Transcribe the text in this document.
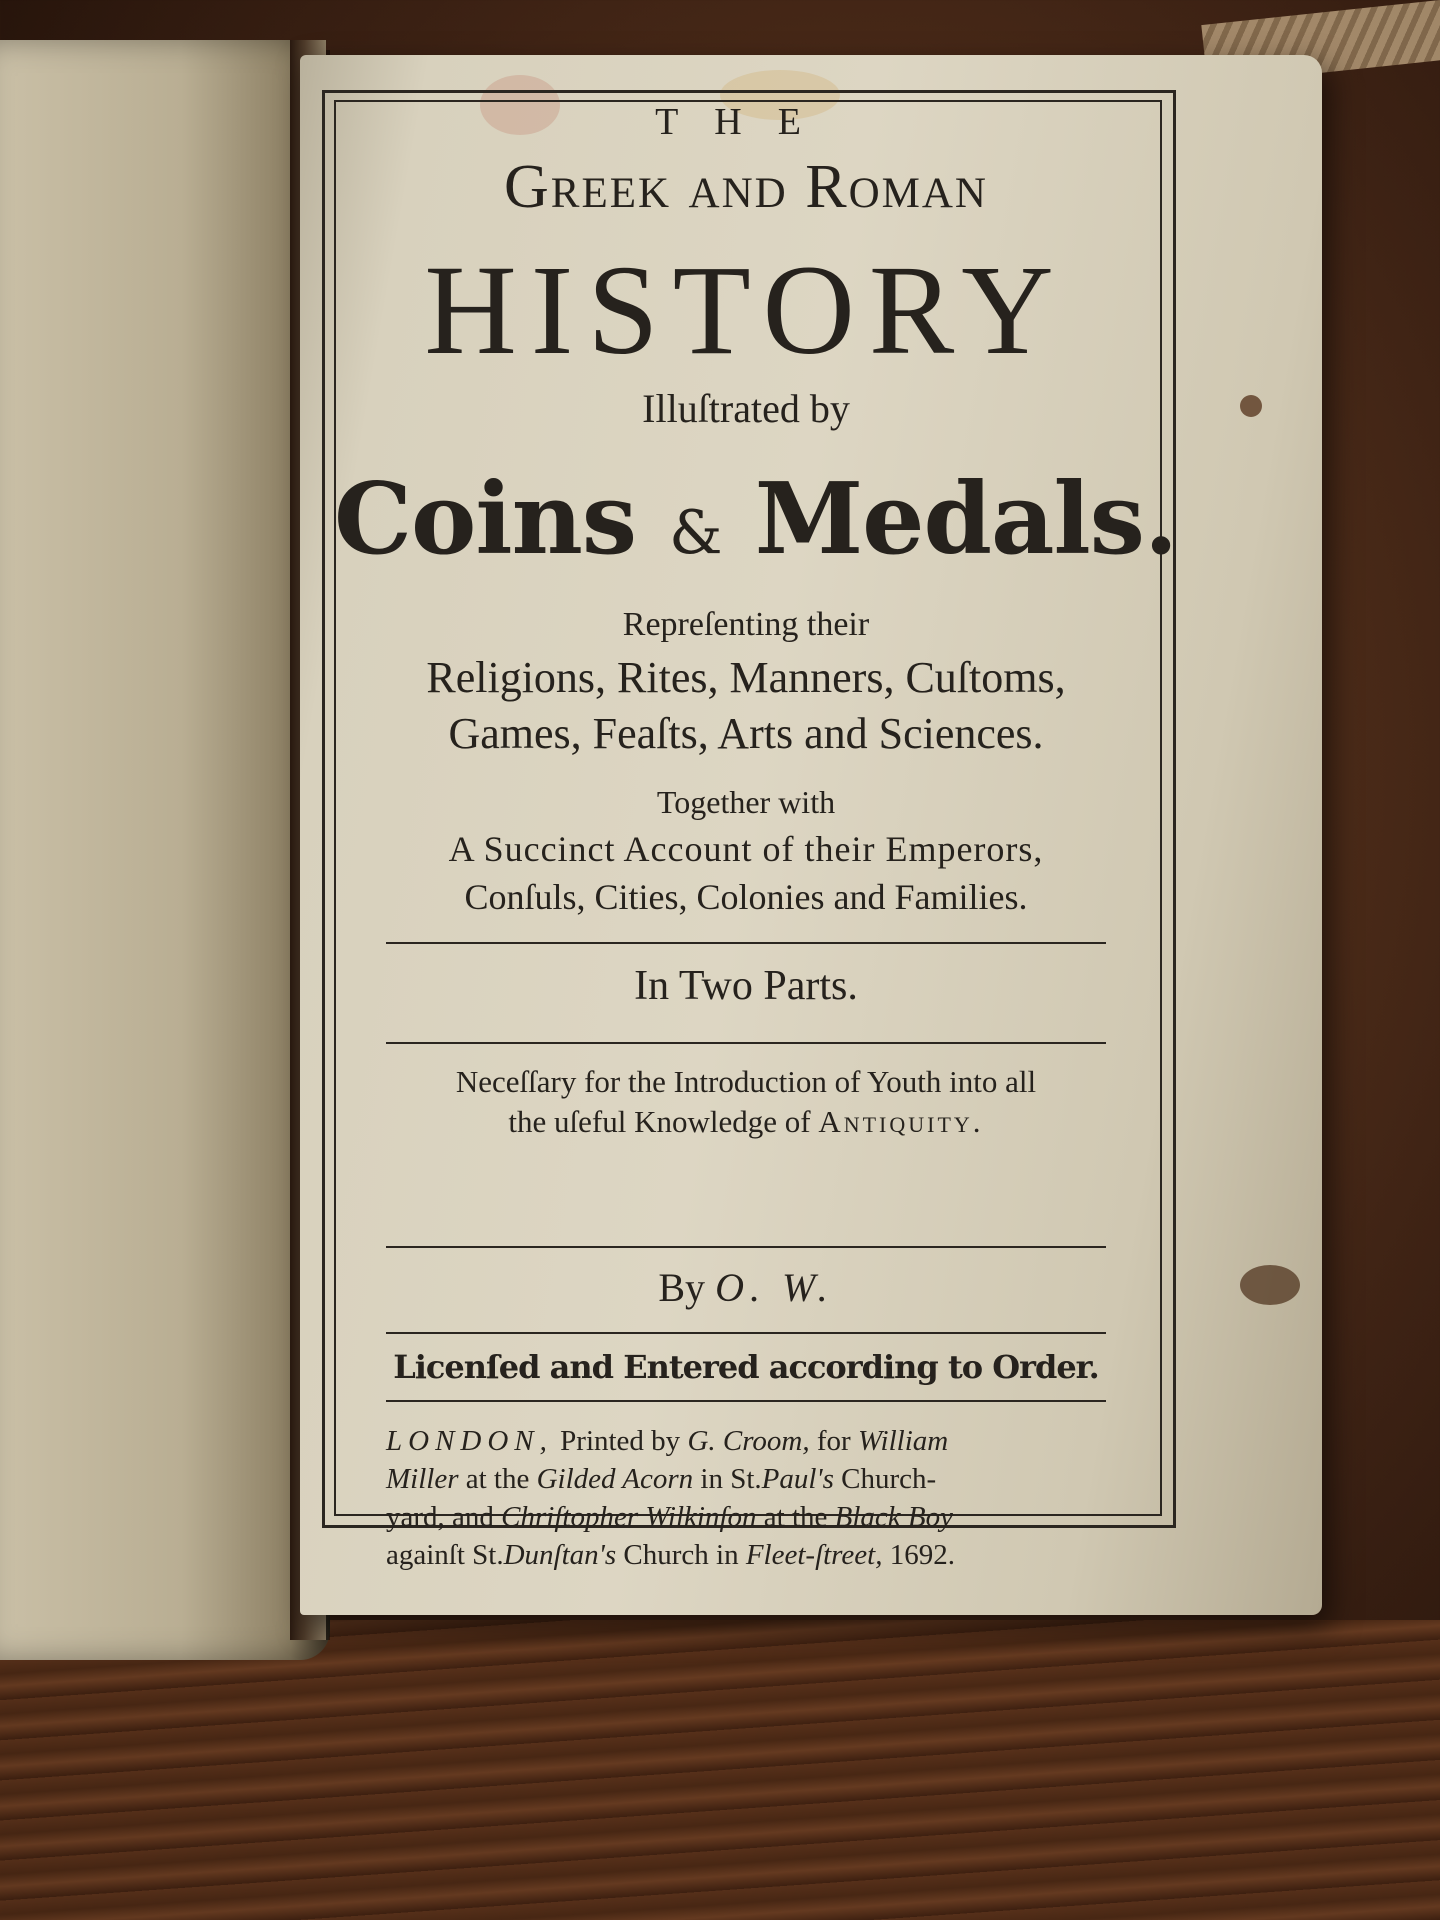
THE
Greek and Roman
HISTORY
Illuſtrated by
Coins & Medals.
Repreſenting their
Religions, Rites, Manners, Cuſtoms,
Games, Feaſts, Arts and Sciences.
Together with
A Succinct Account of their Emperors,
Conſuls, Cities, Colonies and Families.
In Two Parts.
Neceſſary for the Introduction of Youth into all
the uſeful Knowledge of Antiquity.
By O. W.
Licenſed and Entered according to Order.
LONDON, Printed by G. Croom, for William
Miller at the Gilded Acorn in St.Paul's Church-
yard, and Chriſtopher Wilkinſon at the Black Boy
againſt St.Dunſtan's Church in Fleet-ſtreet, 1692.
